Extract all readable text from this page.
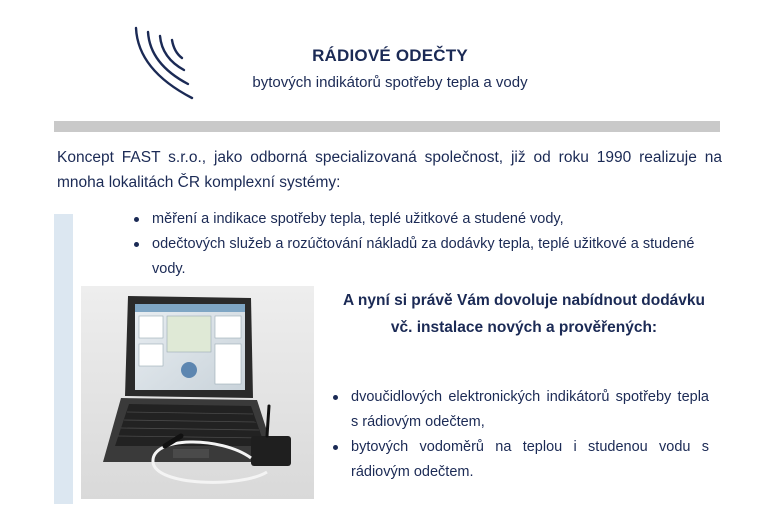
RÁDIOVÉ ODEČTY
bytových indikátorů spotřeby tepla a vody
Koncept FAST s.r.o., jako odborná specializovaná společnost, již od roku 1990 realizuje na mnoha lokalitách ČR komplexní systémy:
měření a indikace spotřeby tepla, teplé užitkové a studené vody,
odečtových služeb a rozúčtování nákladů za dodávky tepla, teplé užitkové a studené vody.
A nyní si právě Vám dovoluje nabídnout dodávku vč. instalace nových a prověřených:
dvoučidlových elektronických indikátorů spotřeby tepla s rádiovým odečtem,
bytových vodoměrů na teplou i studenou vodu s rádiovým odečtem.
